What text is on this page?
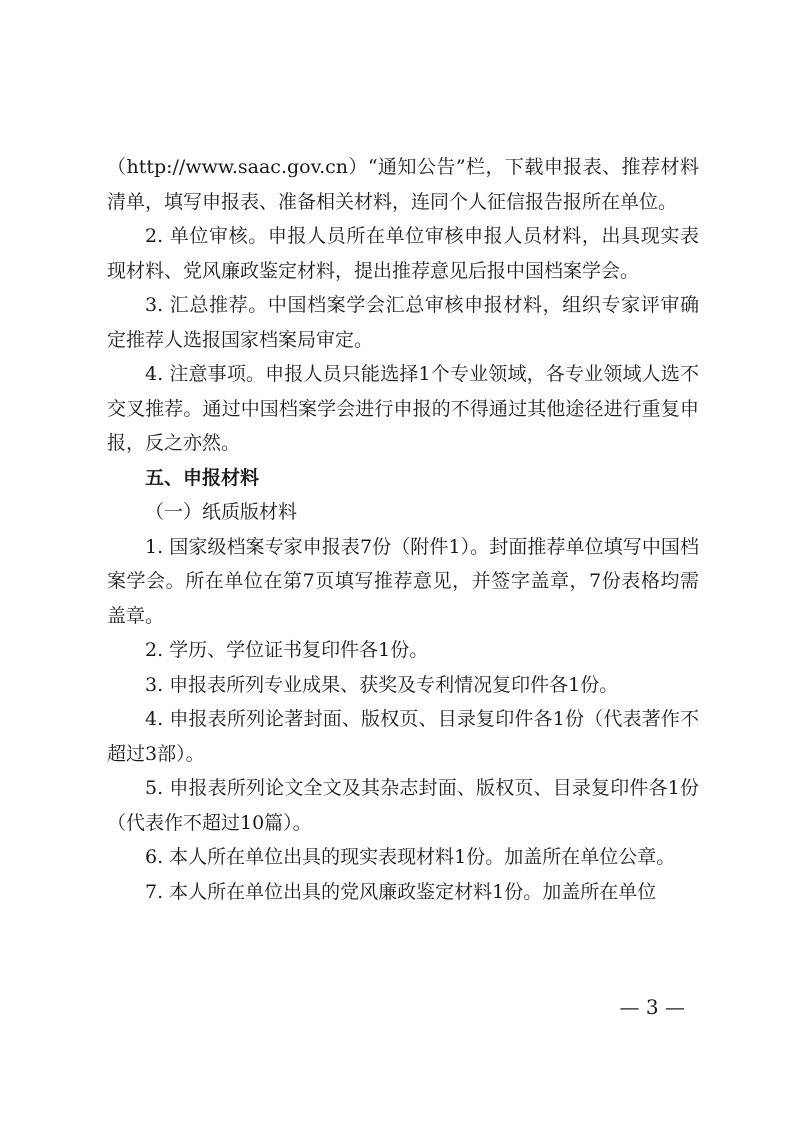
（http://www.saac.gov.cn）“通知公告”栏，下载申报表、推荐材料清单，填写申报表、准备相关材料，连同个人征信报告报所在单位。

2. 单位审核。申报人员所在单位审核申报人员材料，出具现实表现材料、党风廉政鉴定材料，提出推荐意见后报中国档案学会。

3. 汇总推荐。中国档案学会汇总审核申报材料，组织专家评审确定推荐人选报国家档案局审定。

4. 注意事项。申报人员只能选择1个专业领域，各专业领域人选不交叉推荐。通过中国档案学会进行申报的不得通过其他途径进行重复申报，反之亦然。

五、申报材料

（一）纸质版材料

1. 国家级档案专家申报表7份（附件1）。封面推荐单位填写中国档案学会。所在单位在第7页填写推荐意见，并签字盖章，7份表格均需盖章。

2. 学历、学位证书复印件各1份。

3. 申报表所列专业成果、获奖及专利情况复印件各1份。

4. 申报表所列论著封面、版权页、目录复印件各1份（代表著作不超过3部）。

5. 申报表所列论文全文及其杂志封面、版权页、目录复印件各1份（代表作不超过10篇）。

6. 本人所在单位出具的现实表现材料1份。加盖所在单位公章。

7. 本人所在单位出具的党风廉政鉴定材料1份。加盖所在单位

— 3 —
